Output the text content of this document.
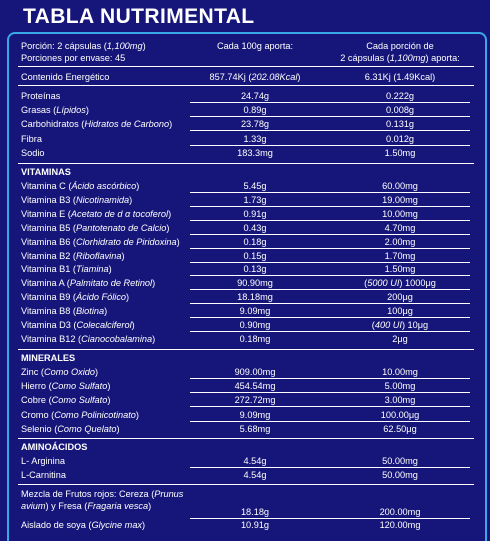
TABLA NUTRIMENTAL
Porción: 2 cápsulas (1,100mg)	Cada 100g aporta:	Cada porción de
Porciones por envase: 45	2 cápsulas (1,100mg) aporta:
Contenido Energético	857.74Kj (202.08Kcal)	6.31Kj (1.49Kcal)
Proteínas	24.74g	0.222g
Grasas (Lípidos)	0.89g	0.008g
Carbohidratos (Hidratos de Carbono)	23.78g	0.131g
Fibra	1.33g	0.012g
Sodio	183.3mg	1.50mg
VITAMINAS
Vitamina C (Ácido ascórbico)	5.45g	60.00mg
Vitamina B3 (Nicotinamida)	1.73g	19.00mg
Vitamina E (Acetato de d α tocoferol)	0.91g	10.00mg
Vitamina B5 (Pantotenato de Calcio)	0.43g	4.70mg
Vitamina B6 (Clorhidrato de Piridoxina)	0.18g	2.00mg
Vitamina B2 (Riboflavina)	0.15g	1.70mg
Vitamina B1 (Tiamina)	0.13g	1.50mg
Vitamina A (Palmitato de Retinol)	90.90mg	(5000 UI) 1000μg
Vitamina B9 (Ácido Fólico)	18.18mg	200μg
Vitamina B8 (Biotina)	9.09mg	100μg
Vitamina D3 (Colecalciferol)	0.90mg	(400 UI) 10μg
Vitamina B12 (Cianocobalamina)	0.18mg	2μg
MINERALES
Zinc (Como Oxido)	909.00mg	10.00mg
Hierro (Como Sulfato)	454.54mg	5.00mg
Cobre (Como Sulfato)	272.72mg	3.00mg
Cromo (Como Polinicotinato)	9.09mg	100.00μg
Selenio (Como Quelato)	5.68mg	62.50μg
AMINOÁCIDOS
L- Arginina	4.54g	50.00mg
L-Carnitina	4.54g	50.00mg
Mezcla de Frutos rojos: Cereza (Prunus
avium) y Fresa (Fragaria vesca)
18.18g	200.00mg
Aislado de soya (Glycine max)	10.91g	120.00mg
